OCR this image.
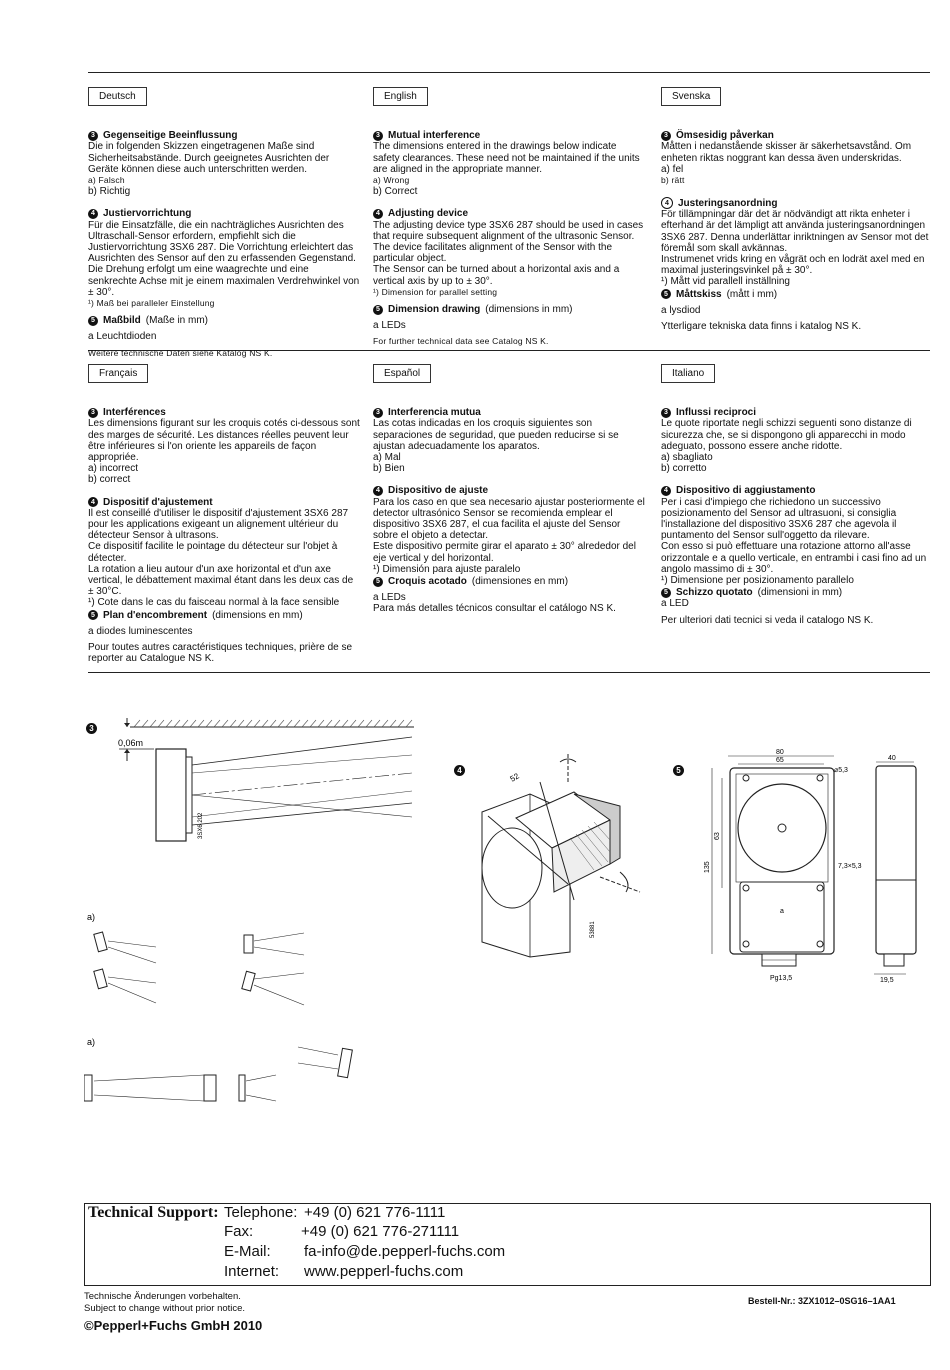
Deutsch
3 Gegenseitige Beeinflussung

Die in folgenden Skizzen eingetragenen Maße sind Sicherheitsabstände. Durch geeignetes Ausrichten der Geräte können diese auch unterschritten werden.

a) Falsch

b) Richtig

4 Justiervorrichtung

Für die Einsatzfälle, die ein nachträgliches Ausrichten des Ultraschall-Sensor erfordern, empfiehlt sich die Justiervorrichtung 3SX6 287. Die Vorrichtung erleichtert das Ausrichten des Sensor auf den zu erfassenden Gegenstand.

Die Drehung erfolgt um eine waagrechte und eine senkrechte Achse mit je einem maximalen Verdrehwinkel von ± 30°.

¹) Maß bei paralleler Einstellung

5 Maßbild (Maße in mm)

a Leuchtdioden

Weitere technische Daten siehe Katalog NS K.

English
3 Mutual interference

The dimensions entered in the drawings below indicate safety clearances. These need not be maintained if the units are aligned in the appropriate manner.

a) Wrong

b) Correct

4 Adjusting device

The adjusting device type 3SX6 287 should be used in cases that require subsequent alignment of the ultrasonic Sensor. The device facilitates alignment of the Sensor with the particular object.

The Sensor can be turned about a horizontal axis and a vertical axis by up to ± 30°.

¹) Dimension for parallel setting

5 Dimension drawing (dimensions in mm)

a LEDs

For further technical data see Catalog NS K.

Svenska
3 Ömsesidig påverkan

Måtten i nedanstående skisser är säkerhetsavstånd. Om enheten riktas noggrant kan dessa även underskridas.

a) fel

b) rätt

4 Justeringsanordning

För tillämpningar där det är nödvändigt att rikta enheter i efterhand är det lämpligt att använda justeringsanordningen 3SX6 287. Denna underlättar inriktningen av Sensor mot det föremål som skall avkännas.

Instrumenet vrids kring en vågrät och en lodrät axel med en maximal justeringsvinkel på ± 30°.

¹) Mått vid parallell inställning

5 Måttskiss (mått i mm)

a lysdiod

Ytterligare tekniska data finns i katalog NS K.

Français
3 Interférences

Les dimensions figurant sur les croquis cotés ci-dessous sont des marges de sécurité. Les distances réelles peuvent leur être inférieures si l'on oriente les appareils de façon appropriée.

a) incorrect

b) correct

4 Dispositif d'ajustement

Il est conseillé d'utiliser le dispositif d'ajustement 3SX6 287 pour les applications exigeant un alignement ultérieur du détecteur Sensor à ultrasons.

Ce dispositif facilite le pointage du détecteur sur l'objet à détecter.

La rotation a lieu autour d'un axe horizontal et d'un axe vertical, le débattement maximal étant dans les deux cas de ± 30°C.

¹) Cote dans le cas du faisceau normal à la face sensible

5 Plan d'encombrement (dimensions en mm)

a diodes luminescentes

Pour toutes autres caractéristiques techniques, prière de se reporter au Catalogue NS K.

Español
3 Interferencia mutua

Las cotas indicadas en los croquis siguientes son separaciones de seguridad, que pueden reducirse si se ajustan adecuadamente los aparatos.

a) Mal

b) Bien

4 Dispositivo de ajuste

Para los caso en que sea necesario ajustar posteriormente el detector ultrasónico Sensor se recomienda emplear el dispositivo 3SX6 287, el cua facilita el ajuste del Sensor sobre el objeto a detectar.

Este dispositivo permite girar el aparato ± 30° alrededor del eje vertical y del horizontal.

¹) Dimensión para ajuste paralelo

5 Croquis acotado (dimensiones en mm)

a LEDs

Para más detalles técnicos consultar el catálogo NS K.

Italiano
3 Influssi reciproci

Le quote riportate negli schizzi seguenti sono distanze di sicurezza che, se si dispongono gli apparecchi in modo adeguato, possono essere anche ridotte.

a) sbagliato

b) corretto

4 Dispositivo di aggiustamento

Per i casi d'impiego che richiedono un successivo posizionamento del Sensor ad ultrasuoni, si consiglia l'installazione del dispositivo 3SX6 287 che agevola il puntamento del Sensor sull'oggetto da rilevare.

Con esso si può effettuare una rotazione attorno all'asse orizzontale e a quello verticale, en entrambi i casi fino ad un angolo massimo di ± 30°.

¹) Dimensione per posizionamento parallelo

5 Schizzo quotato (dimensioni in mm)

a LED

Per ulteriori dati tecnici si veda il catalogo NS K.

3
4	5
0,06m
3SX6 202
a)
a)
52
53881
80
65
⌀5,3
a
Pg13,5
135
63
7,3×5,3
40
19,5
Technical Support: Telephone: +49 (0) 621 776-1111
Fax:	+49 (0) 621 776-271111
E-Mail: fa-info@de.pepperl-fuchs.com
Internet: www.pepperl-fuchs.com
Technische Änderungen vorbehalten.
Subject to change without prior notice.
©Pepperl+Fuchs GmbH 2010
Bestell-Nr.: 3ZX1012–0SG16–1AA1
